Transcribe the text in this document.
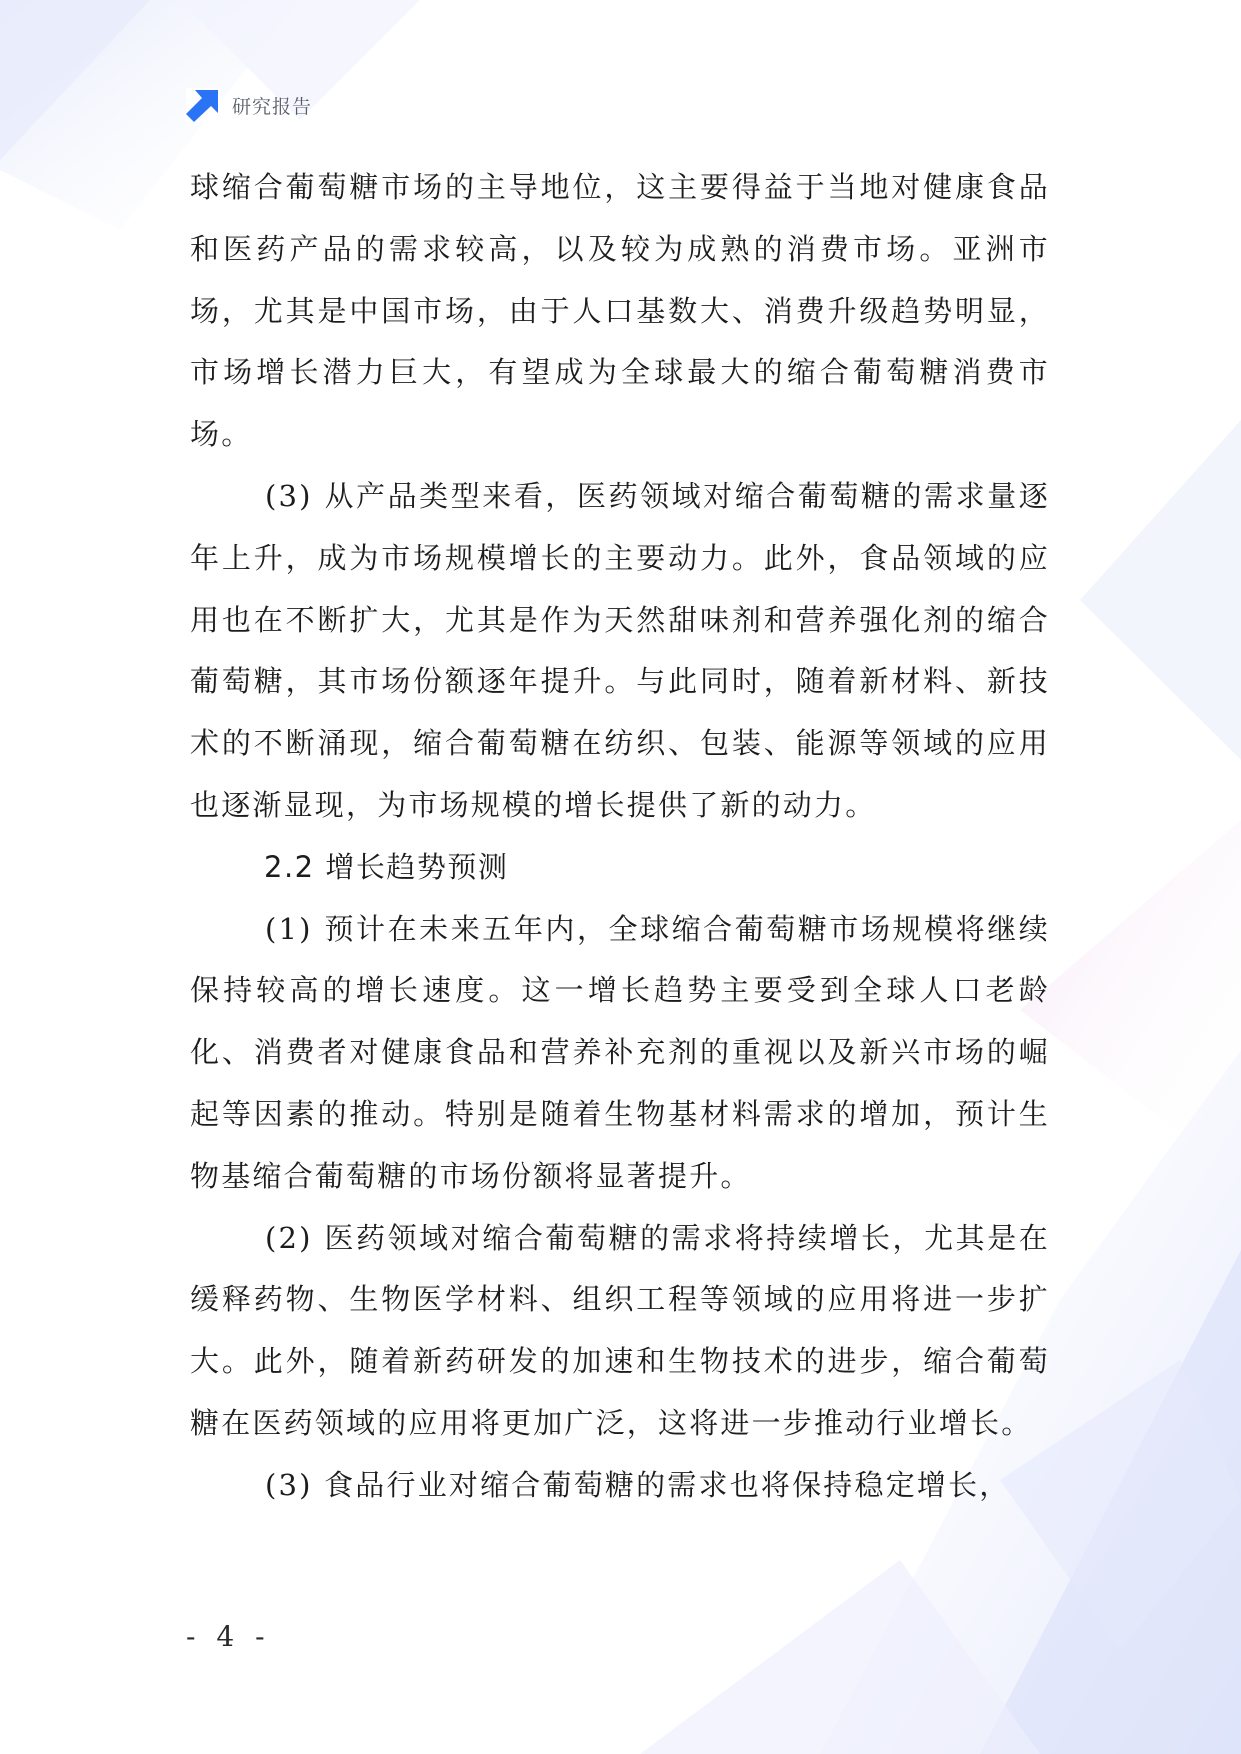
研究报告

球缩合葡萄糖市场的主导地位，这主要得益于当地对健康食品和医药产品的需求较高，以及较为成熟的消费市场。亚洲市场，尤其是中国市场，由于人口基数大、消费升级趋势明显，市场增长潜力巨大，有望成为全球最大的缩合葡萄糖消费市场。

(3) 从产品类型来看，医药领域对缩合葡萄糖的需求量逐年上升，成为市场规模增长的主要动力。此外，食品领域的应用也在不断扩大，尤其是作为天然甜味剂和营养强化剂的缩合葡萄糖，其市场份额逐年提升。与此同时，随着新材料、新技术的不断涌现，缩合葡萄糖在纺织、包装、能源等领域的应用也逐渐显现，为市场规模的增长提供了新的动力。

2.2 增长趋势预测

(1) 预计在未来五年内，全球缩合葡萄糖市场规模将继续保持较高的增长速度。这一增长趋势主要受到全球人口老龄化、消费者对健康食品和营养补充剂的重视以及新兴市场的崛起等因素的推动。特别是随着生物基材料需求的增加，预计生物基缩合葡萄糖的市场份额将显著提升。

(2) 医药领域对缩合葡萄糖的需求将持续增长，尤其是在缓释药物、生物医学材料、组织工程等领域的应用将进一步扩大。此外，随着新药研发的加速和生物技术的进步，缩合葡萄糖在医药领域的应用将更加广泛，这将进一步推动行业增长。

(3) 食品行业对缩合葡萄糖的需求也将保持稳定增长，

- 4 -
